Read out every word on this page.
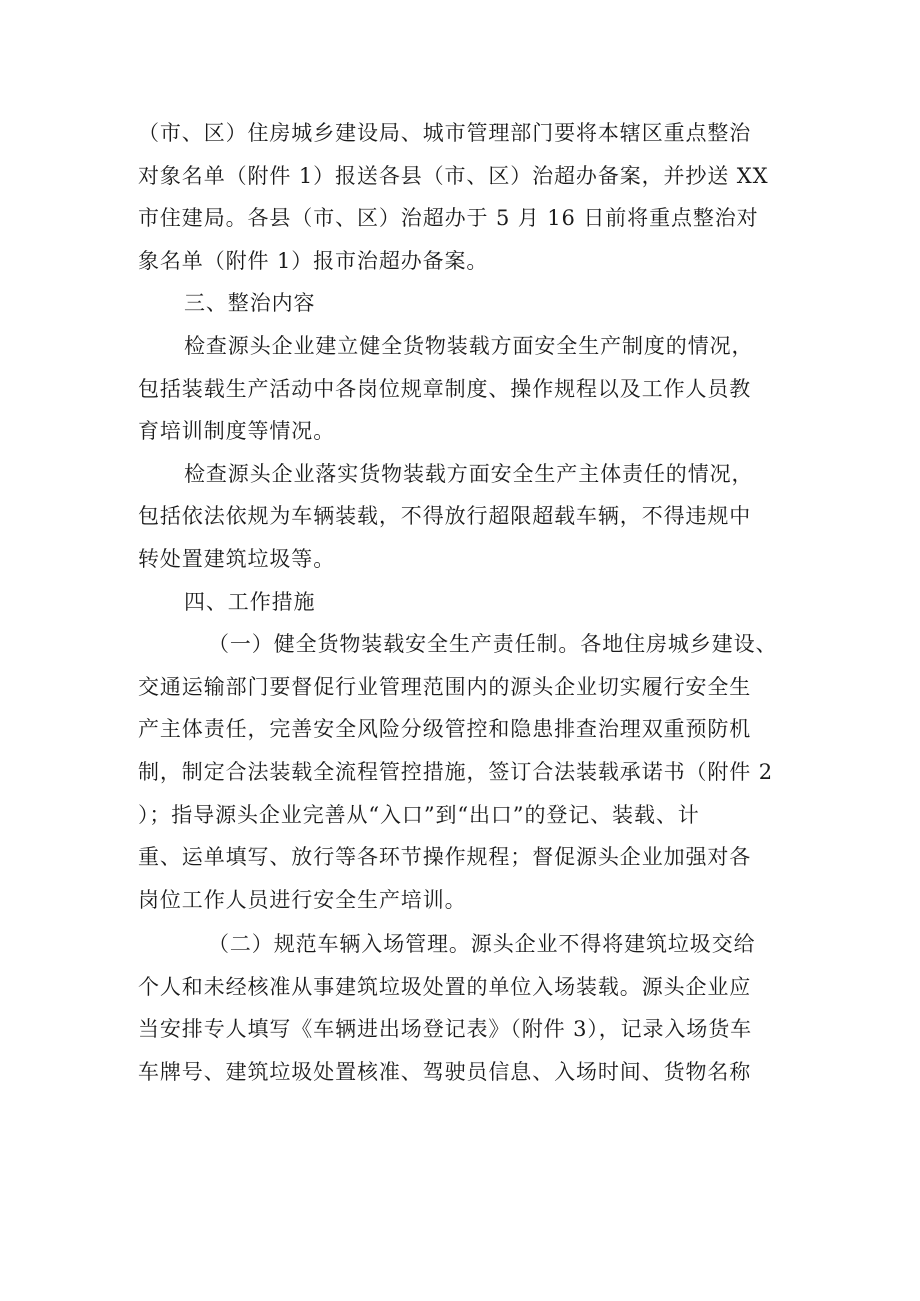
（市、区）住房城乡建设局、城市管理部门要将本辖区重点整治
对象名单（附件 1）报送各县（市、区）治超办备案，并抄送 XX
市住建局。各县（市、区）治超办于 5 月 16 日前将重点整治对
象名单（附件 1）报市治超办备案。
三、整治内容
检查源头企业建立健全货物装载方面安全生产制度的情况，
包括装载生产活动中各岗位规章制度、操作规程以及工作人员教
育培训制度等情况。
检查源头企业落实货物装载方面安全生产主体责任的情况，
包括依法依规为车辆装载，不得放行超限超载车辆，不得违规中
转处置建筑垃圾等。
四、工作措施
（一）健全货物装载安全生产责任制。各地住房城乡建设、
交通运输部门要督促行业管理范围内的源头企业切实履行安全生
产主体责任，完善安全风险分级管控和隐患排查治理双重预防机
制，制定合法装载全流程管控措施，签订合法装载承诺书（附件 2
）；指导源头企业完善从“入口”到“出口”的登记、装载、计
重、运单填写、放行等各环节操作规程；督促源头企业加强对各
岗位工作人员进行安全生产培训。
（二）规范车辆入场管理。源头企业不得将建筑垃圾交给
个人和未经核准从事建筑垃圾处置的单位入场装载。源头企业应
当安排专人填写《车辆进出场登记表》（附件 3），记录入场货车
车牌号、建筑垃圾处置核准、驾驶员信息、入场时间、货物名称
